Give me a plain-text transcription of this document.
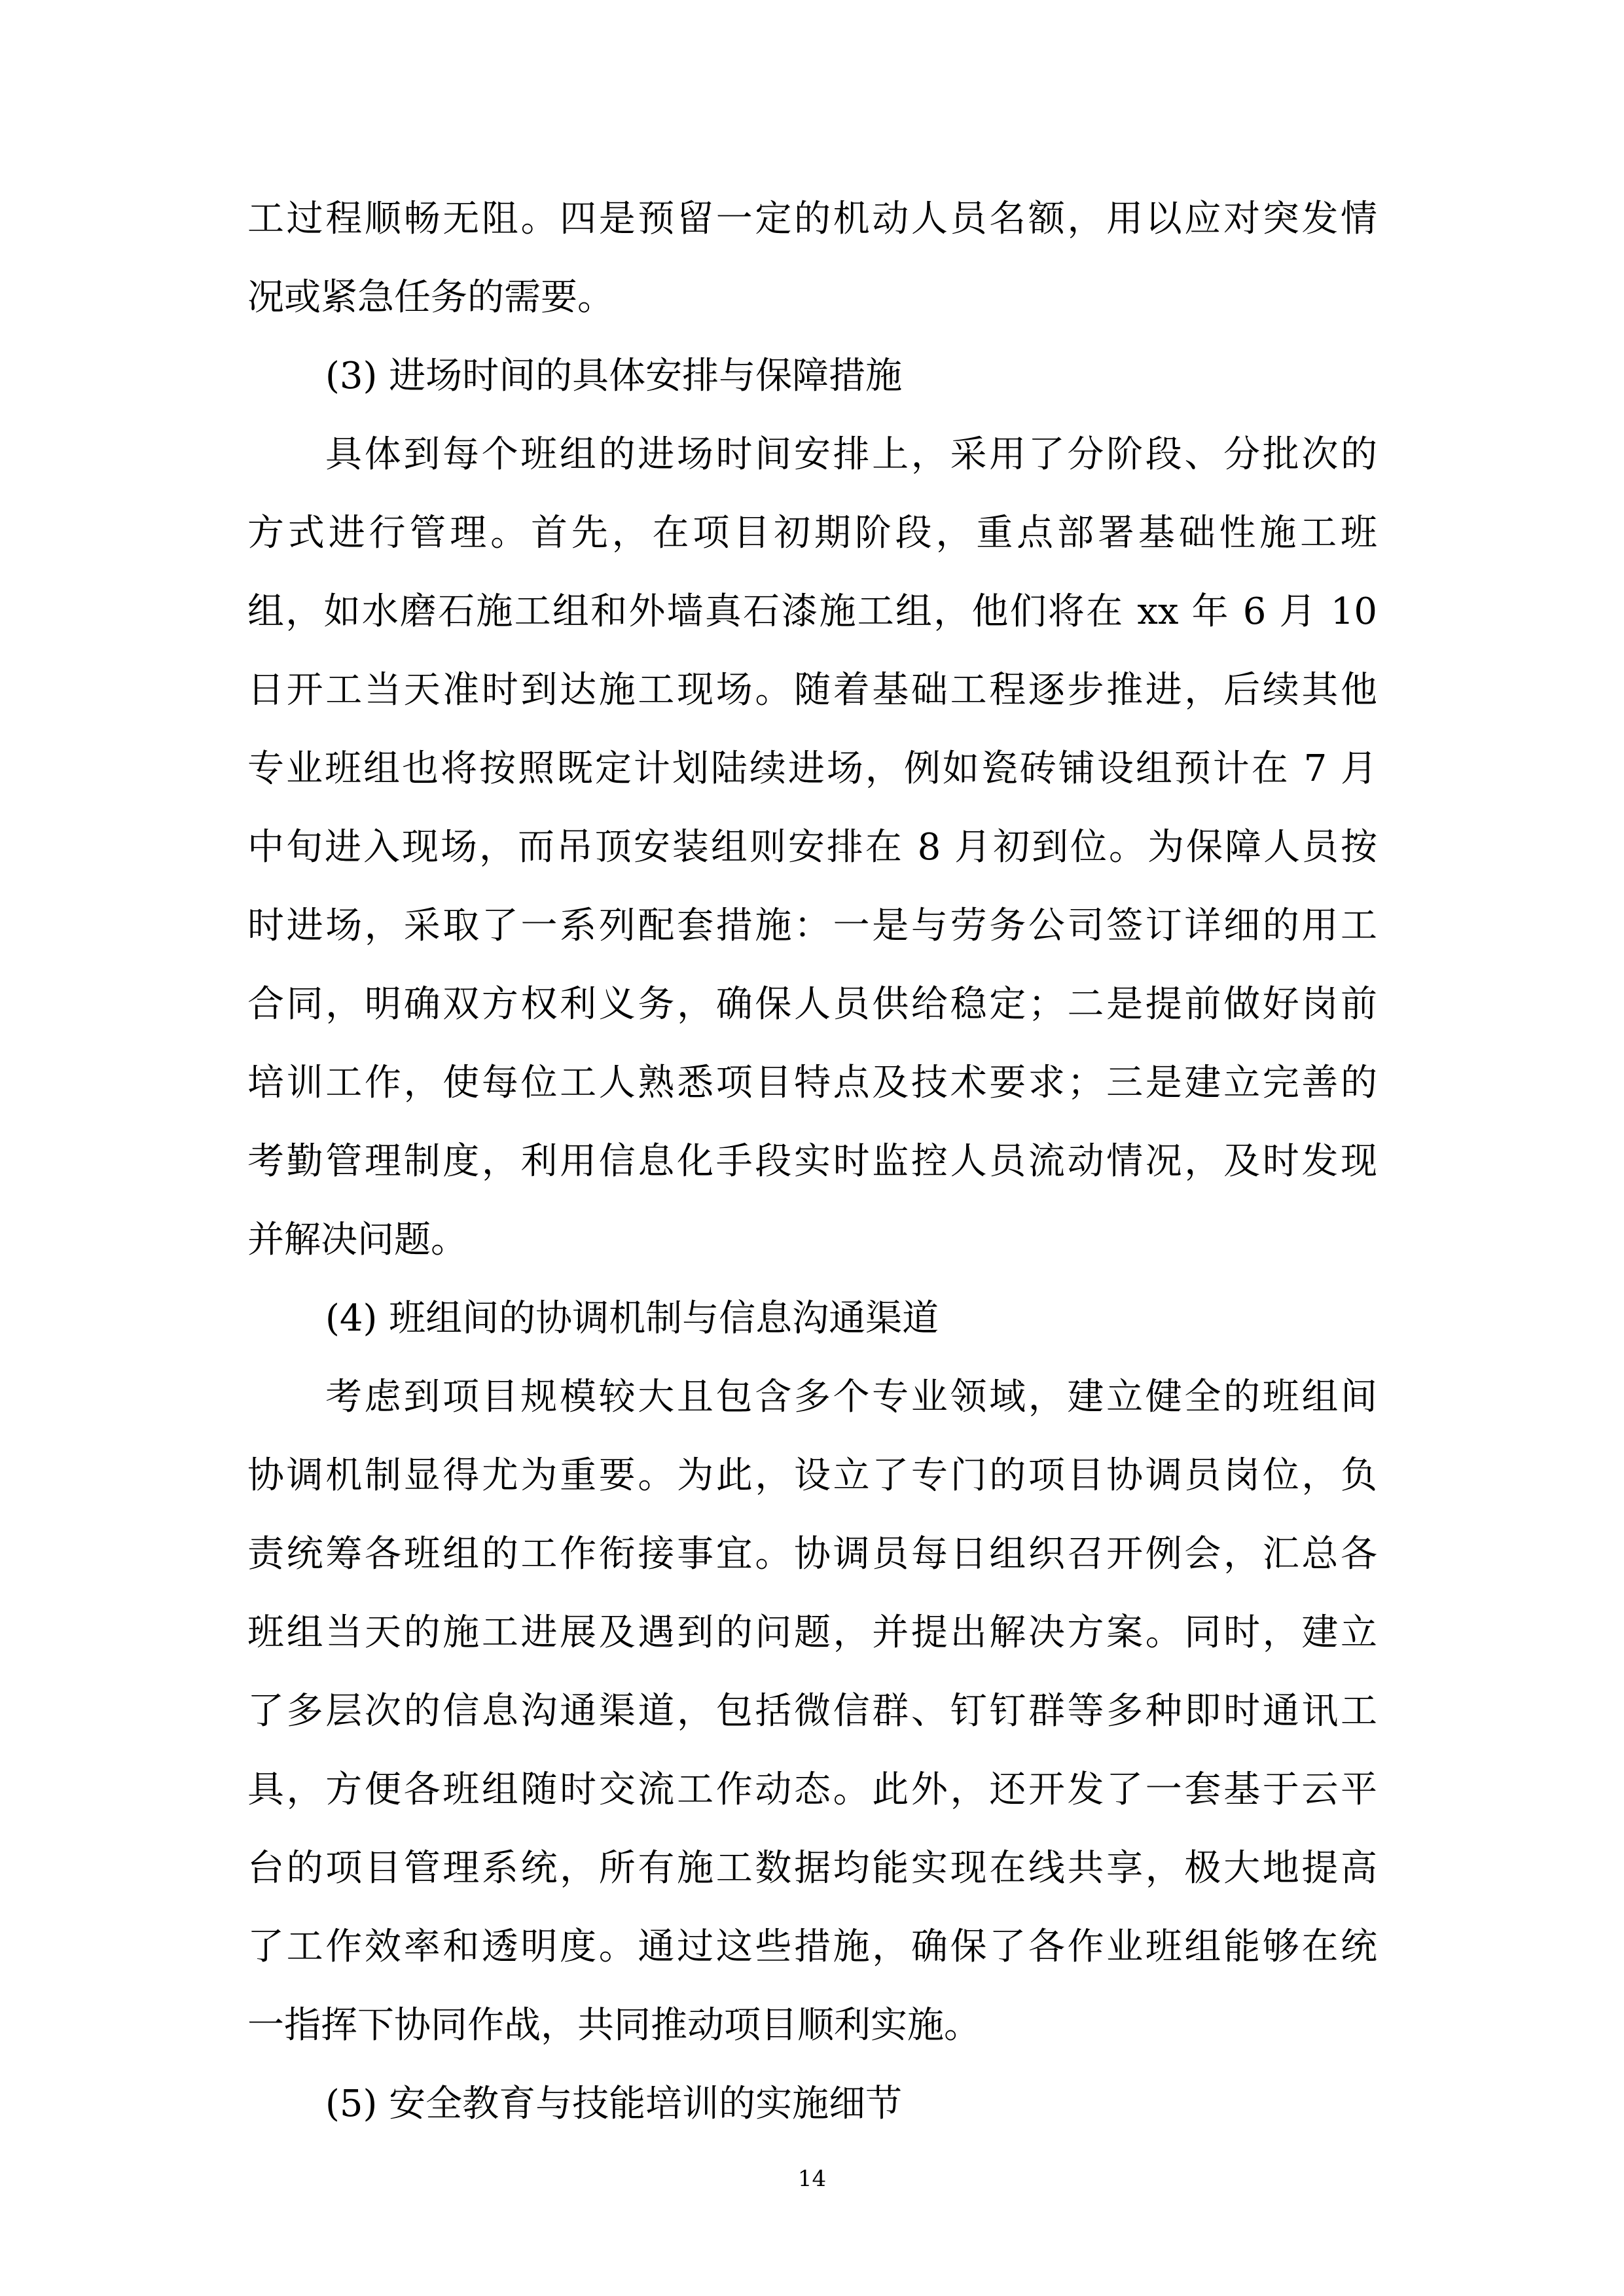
工过程顺畅无阻。四是预留一定的机动人员名额，用以应对突发情

况或紧急任务的需要。

(3) 进场时间的具体安排与保障措施

具体到每个班组的进场时间安排上，采用了分阶段、分批次的

方式进行管理。首先，在项目初期阶段，重点部署基础性施工班

组，如水磨石施工组和外墙真石漆施工组，他们将在 xx 年 6 月 10

日开工当天准时到达施工现场。随着基础工程逐步推进，后续其他

专业班组也将按照既定计划陆续进场，例如瓷砖铺设组预计在 7 月

中旬进入现场，而吊顶安装组则安排在 8 月初到位。为保障人员按

时进场，采取了一系列配套措施：一是与劳务公司签订详细的用工

合同，明确双方权利义务，确保人员供给稳定；二是提前做好岗前

培训工作，使每位工人熟悉项目特点及技术要求；三是建立完善的

考勤管理制度，利用信息化手段实时监控人员流动情况，及时发现

并解决问题。

(4) 班组间的协调机制与信息沟通渠道

考虑到项目规模较大且包含多个专业领域，建立健全的班组间

协调机制显得尤为重要。为此，设立了专门的项目协调员岗位，负

责统筹各班组的工作衔接事宜。协调员每日组织召开例会，汇总各

班组当天的施工进展及遇到的问题，并提出解决方案。同时，建立

了多层次的信息沟通渠道，包括微信群、钉钉群等多种即时通讯工

具，方便各班组随时交流工作动态。此外，还开发了一套基于云平

台的项目管理系统，所有施工数据均能实现在线共享，极大地提高

了工作效率和透明度。通过这些措施，确保了各作业班组能够在统

一指挥下协同作战，共同推动项目顺利实施。

(5) 安全教育与技能培训的实施细节

14
